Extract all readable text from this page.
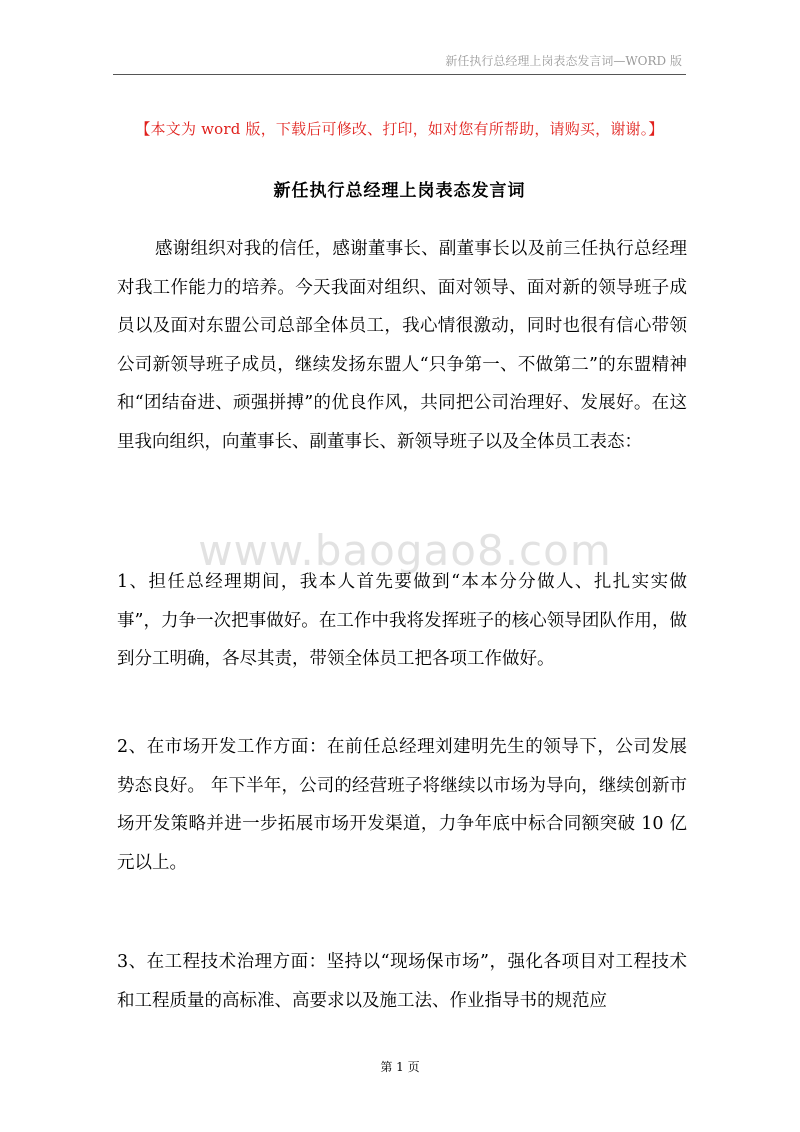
新任执行总经理上岗表态发言词—WORD 版
【本文为 word 版，下载后可修改、打印，如对您有所帮助，请购买，谢谢。】
新任执行总经理上岗表态发言词

感谢组织对我的信任，感谢董事长、副董事长以及前三任执行总经理对我工作能力的培养。今天我面对组织、面对领导、面对新的领导班子成员以及面对东盟公司总部全体员工，我心情很激动，同时也很有信心带领公司新领导班子成员，继续发扬东盟人“只争第一、不做第二”的东盟精神和“团结奋进、顽强拼搏”的优良作风，共同把公司治理好、发展好。在这里我向组织，向董事长、副董事长、新领导班子以及全体员工表态：

www.baogao8.com

1、担任总经理期间，我本人首先要做到“本本分分做人、扎扎实实做事”，力争一次把事做好。在工作中我将发挥班子的核心领导团队作用，做到分工明确，各尽其责，带领全体员工把各项工作做好。

2、在市场开发工作方面：在前任总经理刘建明先生的领导下，公司发展势态良好。 年下半年，公司的经营班子将继续以市场为导向，继续创新市场开发策略并进一步拓展市场开发渠道，力争年底中标合同额突破 10 亿元以上。

3、在工程技术治理方面：坚持以“现场保市场”，强化各项目对工程技术和工程质量的高标准、高要求以及施工法、作业指导书的规范应

第 1 页
